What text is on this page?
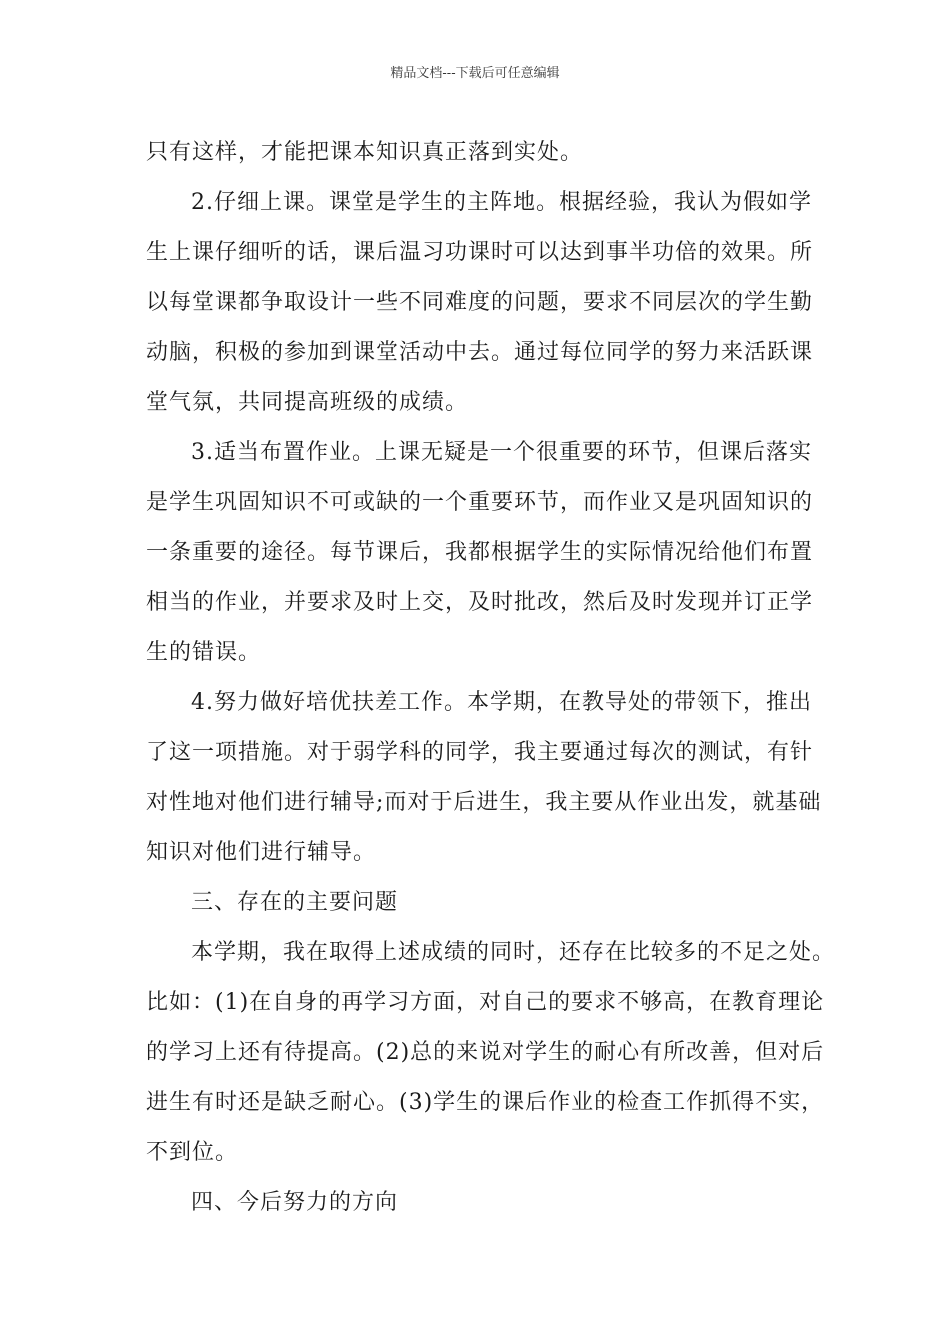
精品文档---下载后可任意编辑
只有这样，才能把课本知识真正落到实处。
2.仔细上课。课堂是学生的主阵地。根据经验，我认为假如学
生上课仔细听的话，课后温习功课时可以达到事半功倍的效果。所
以每堂课都争取设计一些不同难度的问题，要求不同层次的学生勤
动脑，积极的参加到课堂活动中去。通过每位同学的努力来活跃课
堂气氛，共同提高班级的成绩。
3.适当布置作业。上课无疑是一个很重要的环节，但课后落实
是学生巩固知识不可或缺的一个重要环节，而作业又是巩固知识的
一条重要的途径。每节课后，我都根据学生的实际情况给他们布置
相当的作业，并要求及时上交，及时批改，然后及时发现并订正学
生的错误。
4.努力做好培优扶差工作。本学期，在教导处的带领下，推出
了这一项措施。对于弱学科的同学，我主要通过每次的测试，有针
对性地对他们进行辅导;而对于后进生，我主要从作业出发，就基础
知识对他们进行辅导。
三、存在的主要问题
本学期，我在取得上述成绩的同时，还存在比较多的不足之处。
比如：(1)在自身的再学习方面，对自己的要求不够高，在教育理论
的学习上还有待提高。(2)总的来说对学生的耐心有所改善，但对后
进生有时还是缺乏耐心。(3)学生的课后作业的检查工作抓得不实，
不到位。
四、今后努力的方向
